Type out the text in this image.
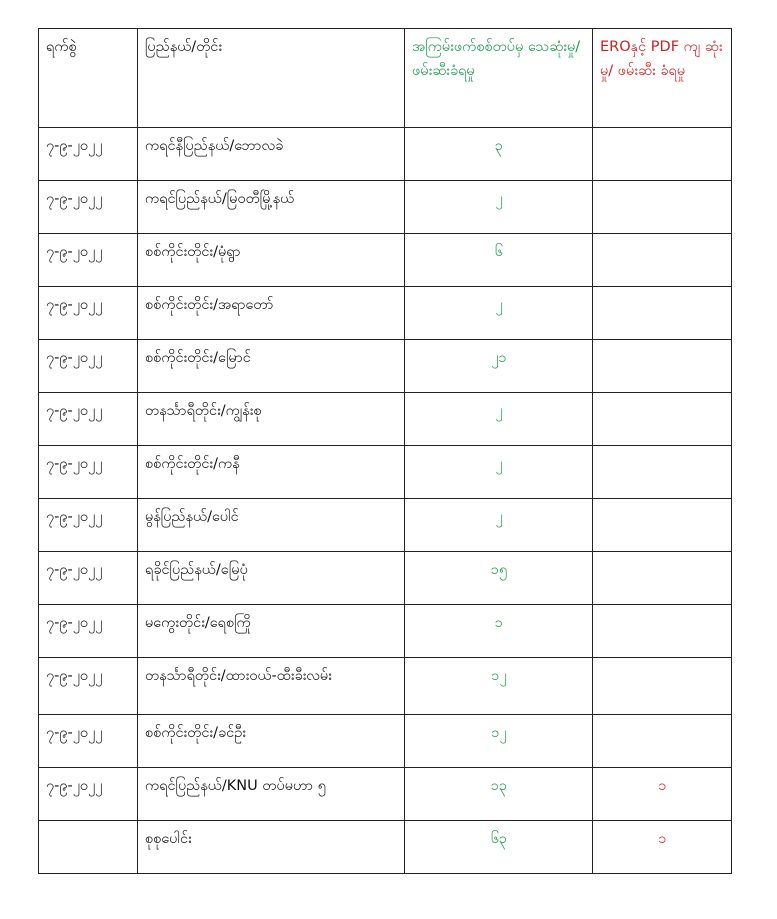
ရက်စွဲ	ပြည်နယ်/တိုင်း	အကြမ်းဖက်စစ်တပ်မှ သေဆုံးမှု/ ဖမ်းဆီးခံရမှု	EROနှင့် PDF ကျ ဆုံးမှု/ ဖမ်းဆီး ခံရမှု
၇-၉-၂၀၂၂	ကရင်နီပြည်နယ်/ဘောလခဲ	၃	
၇-၉-၂၀၂၂	ကရင်ပြည်နယ်/မြဝတီမြို့နယ်	၂	
၇-၉-၂၀၂၂	စစ်ကိုင်းတိုင်း/မုံရွာ	၆	
၇-၉-၂၀၂၂	စစ်ကိုင်းတိုင်း/အရာတော်	၂	
၇-၉-၂၀၂၂	စစ်ကိုင်းတိုင်း/မြောင်	၂၁	
၇-၉-၂၀၂၂	တနင်္သာရီတိုင်း/ကျွန်းစု	၂	
၇-၉-၂၀၂၂	စစ်ကိုင်းတိုင်း/ကနီ	၂	
၇-၉-၂၀၂၂	မွန်ပြည်နယ်/ပေါင်	၂	
၇-၉-၂၀၂၂	ရခိုင်ပြည်နယ်/မြေပုံ	၁၅	
၇-၉-၂၀၂၂	မကွေးတိုင်း/ရေစကြို	၁	
၇-၉-၂၀၂၂	တနင်္သာရီတိုင်း/ထားဝယ်-ထီးခီးလမ်း	၁၂	
၇-၉-၂၀၂၂	စစ်ကိုင်းတိုင်း/ခင်ဦး	၁၂	
၇-၉-၂၀၂၂	ကရင်ပြည်နယ်/KNU တပ်မဟာ ၅	၁၃	၁
	စုစုပေါင်း	၆၃	၁
